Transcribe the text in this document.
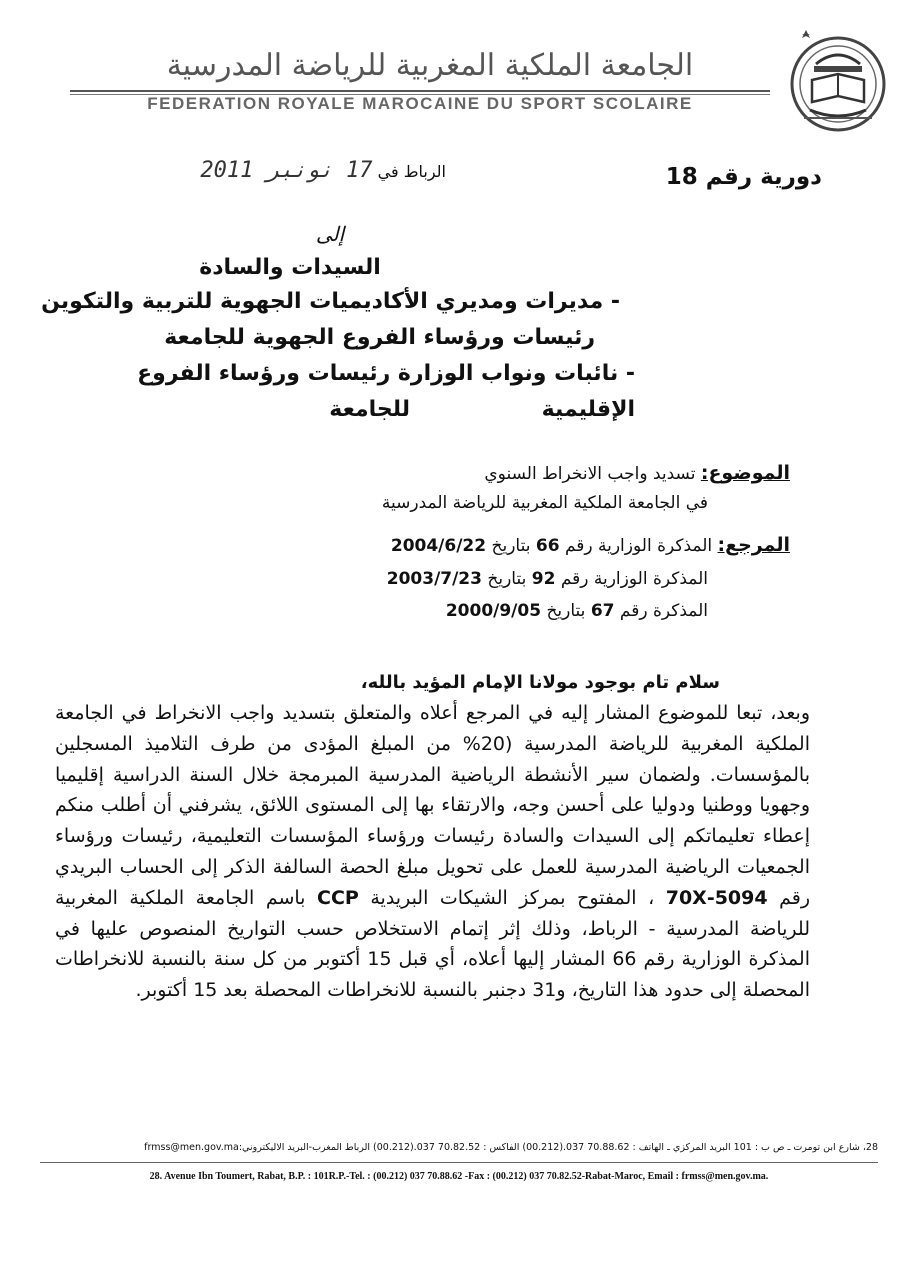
الجامعة الملكية المغربية للرياضة المدرسية
FEDERATION ROYALE MAROCAINE DU SPORT SCOLAIRE
الرباط في 17 نونبر 2011	دورية رقم 18
إلى
السيدات والسادة
- مديرات ومديري الأكاديميات الجهوية للتربية والتكوين
رئيسات ورؤساء الفروع الجهوية للجامعة
- نائبات ونواب الوزارة رئيسات ورؤساء الفروع الإقليمية
للجامعة
الموضوع: تسديد واجب الانخراط السنوي
في الجامعة الملكية المغربية للرياضة المدرسية
المرجع: المذكرة الوزارية رقم 66 بتاريخ 2004/6/22
المذكرة الوزارية رقم 92 بتاريخ 2003/7/23
المذكرة رقم 67 بتاريخ 2000/9/05
سلام تام بوجود مولانا الإمام المؤيد بالله،

وبعد، تبعا للموضوع المشار إليه في المرجع أعلاه والمتعلق بتسديد واجب الانخراط في الجامعة الملكية المغربية للرياضة المدرسية (20% من المبلغ المؤدى من طرف التلاميذ المسجلين بالمؤسسات. ولضمان سير الأنشطة الرياضية المدرسية المبرمجة خلال السنة الدراسية إقليميا وجهويا ووطنيا ودوليا على أحسن وجه، والارتقاء بها إلى المستوى اللائق، يشرفني أن أطلب منكم إعطاء تعليماتكم إلى السيدات والسادة رئيسات ورؤساء المؤسسات التعليمية، رئيسات ورؤساء الجمعيات الرياضية المدرسية للعمل على تحويل مبلغ الحصة السالفة الذكر إلى الحساب البريدي رقم 5094-70X ، المفتوح بمركز الشيكات البريدية CCP باسم الجامعة الملكية المغربية للرياضة المدرسية - الرباط، وذلك إثر إتمام الاستخلاص حسب التواريخ المنصوص عليها في المذكرة الوزارية رقم 66 المشار إليها أعلاه، أي قبل 15 أكتوبر من كل سنة بالنسبة للانخراطات المحصلة إلى حدود هذا التاريخ، و31 دجنبر بالنسبة للانخراطات المحصلة بعد 15 أكتوبر.

28، شارع ابن تومرت ـ ص ب : 101 البريد المركزي ـ الهاتف : 70.88.62 037.(00.212) الفاكس : 70.82.52 037.(00.212) الرباط المغرب-البريد الاليكتروني:frmss@men.gov.ma
28. Avenue Ibn Toumert, Rabat, B.P. : 101R.P.-Tel. : (00.212) 037 70.88.62 -Fax : (00.212) 037 70.82.52-Rabat-Maroc, Email : frmss@men.gov.ma.
